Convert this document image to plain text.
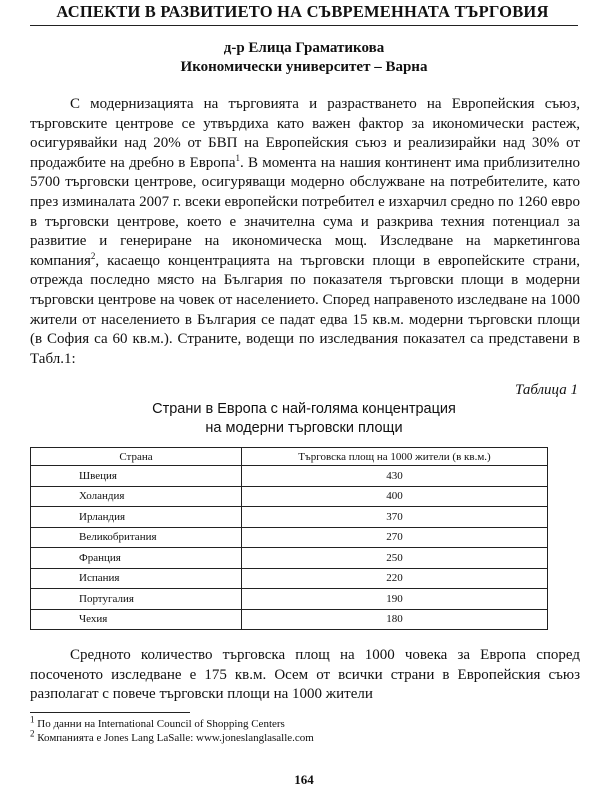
АСПЕКТИ В РАЗВИТИЕТО НА СЪВРЕМЕННАТА ТЪРГОВИЯ
д-р Елица Граматикова
Икономически университет – Варна

С модернизацията на търговията и разрастването на Европейския съюз, търговските центрове се утвърдиха като важен фактор за икономически растеж, осигурявайки над 20% от БВП на Европейския съюз и реализирайки над 30% от продажбите на дребно в Европа$^1$. В момента на нашия континент има приблизително 5700 търговски центрове, осигуряващи модерно обслужване на потребителите, като през изминалата 2007 г. всеки европейски потребител е изхарчил средно по 1260 евро в търговски центрове, което е значителна сума и разкрива техния потенциал за развитие и генериране на икономическа мощ. Изследване на маркетингова компания$^2$, касаещо концентрацията на търговски площи в европейските страни, отрежда последно място на България по показателя търговски площи в модерни търговски центрове на човек от населението. Според направеното изследване на 1000 жители от населението в България се падат едва 15 кв.м. модерни търговски площи (в София са 60 кв.м.). Страните, водещи по изследвания показател са представени в Табл.1:

Таблица 1
Страни в Европа с най-голяма концентрация
на модерни търговски площи
Страна	Търговска площ на 1000 жители (в кв.м.)
Швеция	430
Холандия	400
Ирландия	370
Великобритания	270
Франция	250
Испания	220
Португалия	190
Чехия	180

Средното количество търговска площ на 1000 човека за Европа според посоченото изследване е 175 кв.м. Осем от всички страни в Европейския съюз разполагат с повече търговски площи на 1000 жители

$^1$ По данни на International Council of Shopping Centers
$^2$ Компанията е Jones Lang LaSalle: www.joneslanglasalle.com
164
